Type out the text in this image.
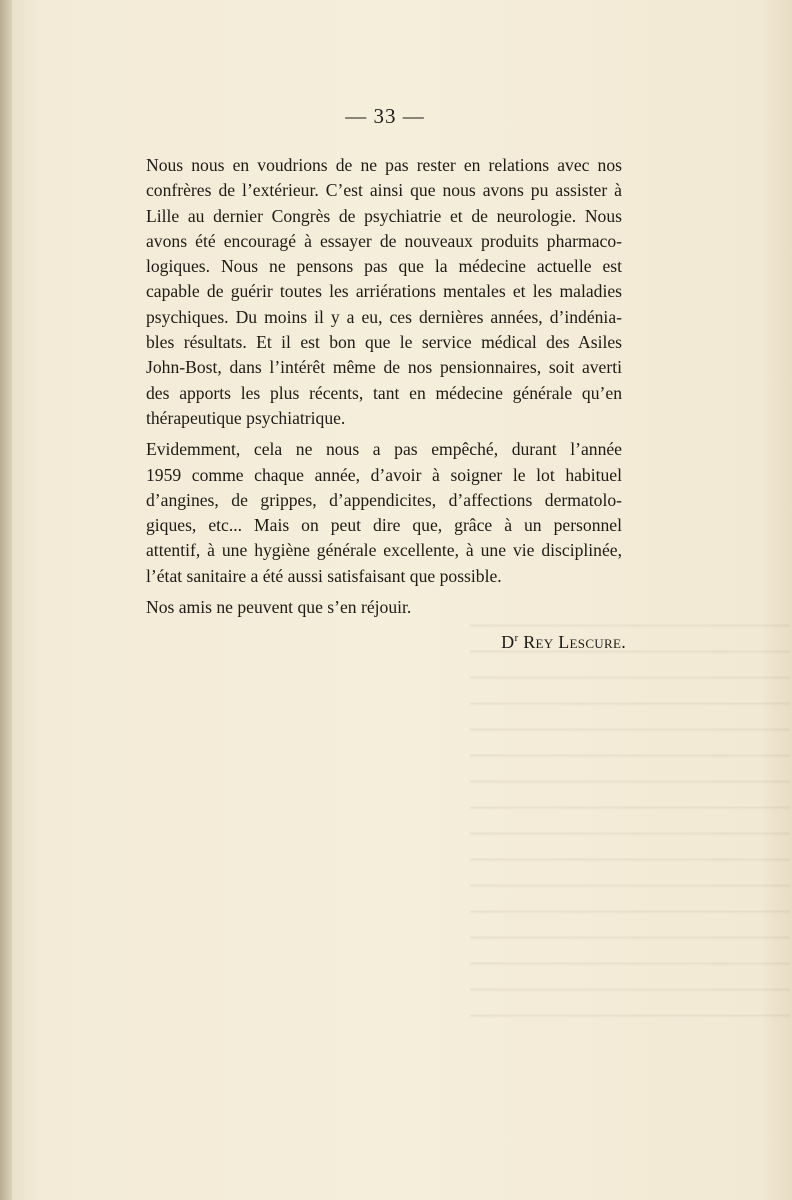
— 33 —

Nous nous en voudrions de ne pas rester en relations avec nos
confrères de l’extérieur. C’est ainsi que nous avons pu assister à
Lille au dernier Congrès de psychiatrie et de neurologie. Nous
avons été encouragé à essayer de nouveaux produits pharmaco-
logiques. Nous ne pensons pas que la médecine actuelle est
capable de guérir toutes les arriérations mentales et les maladies
psychiques. Du moins il y a eu, ces dernières années, d’indénia-
bles résultats. Et il est bon que le service médical des Asiles
John-Bost, dans l’intérêt même de nos pensionnaires, soit averti
des apports les plus récents, tant en médecine générale qu’en
thérapeutique psychiatrique.

Evidemment, cela ne nous a pas empêché, durant l’année
1959 comme chaque année, d’avoir à soigner le lot habituel
d’angines, de grippes, d’appendicites, d’affections dermatolo-
giques, etc... Mais on peut dire que, grâce à un personnel
attentif, à une hygiène générale excellente, à une vie disciplinée,
l’état sanitaire a été aussi satisfaisant que possible.

Nos amis ne peuvent que s’en réjouir.

$D^r$ Rey Lescure.
